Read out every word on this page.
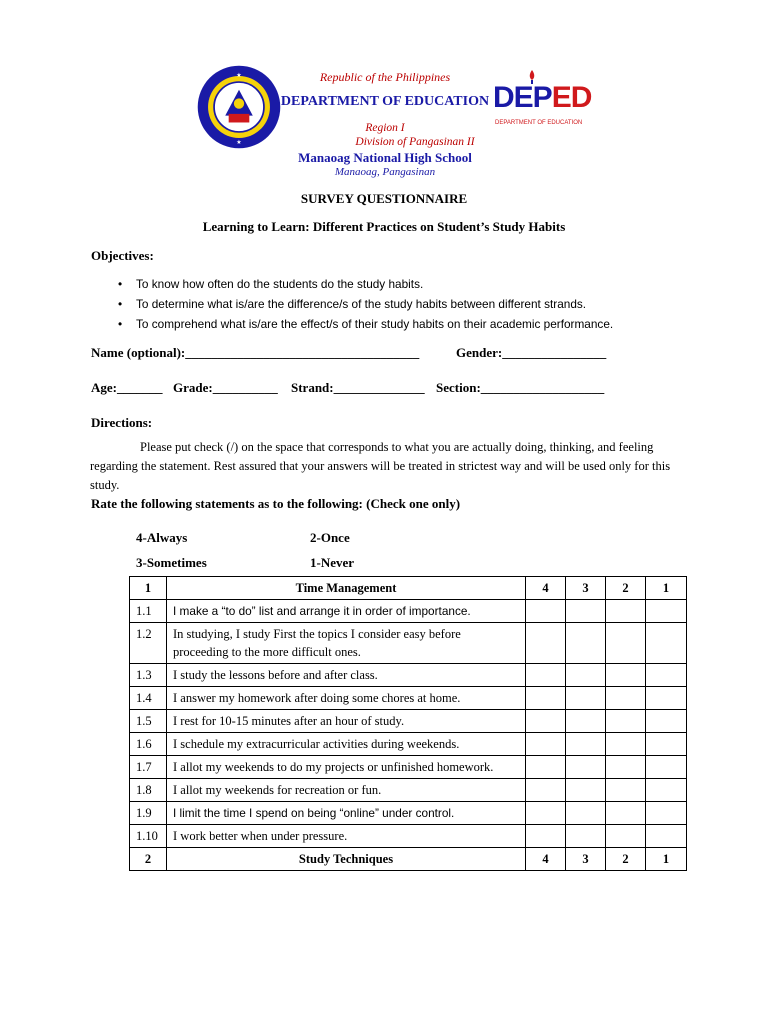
★
★
Republic of the Philippines
DEPARTMENT OF EDUCATION
Region I
Division of Pangasinan II
Manaoag National High School
Manaoag, Pangasinan
DEPED
DEPARTMENT OF EDUCATION
SURVEY QUESTIONNAIRE
Learning to Learn: Different Practices on Student’s Study Habits
Objectives:
• To know how often do the students do the study habits.
• To determine what is/are the difference/s of the study habits between different strands.
• To comprehend what is/are the effect/s of their study habits on their academic performance.
Name (optional):____________________________________	Gender:________________
Age:_______ Grade:__________ Strand:______________ Section:___________________
Directions:
Please put check (/) on the space that corresponds to what you are actually doing, thinking, and feeling regarding the statement. Rest assured that your answers will be treated in strictest way and will be used only for this study.
Rate the following statements as to the following: (Check one only)
4-Always	2-Once
3-Sometimes	1-Never
1	Time Management	4	3	2	1
1.1	I make a “to do” list and arrange it in order of importance.				
1.2	In studying, I study First the topics I consider easy before proceeding to the more difficult ones.				
1.3	I study the lessons before and after class.				
1.4	I answer my homework after doing some chores at home.				
1.5	I rest for 10-15 minutes after an hour of study.				
1.6	I schedule my extracurricular activities during weekends.				
1.7	I allot my weekends to do my projects or unfinished homework.				
1.8	I allot my weekends for recreation or fun.				
1.9	I limit the time I spend on being “online” under control.				
1.10	I work better when under pressure.				
2	Study Techniques	4	3	2	1
